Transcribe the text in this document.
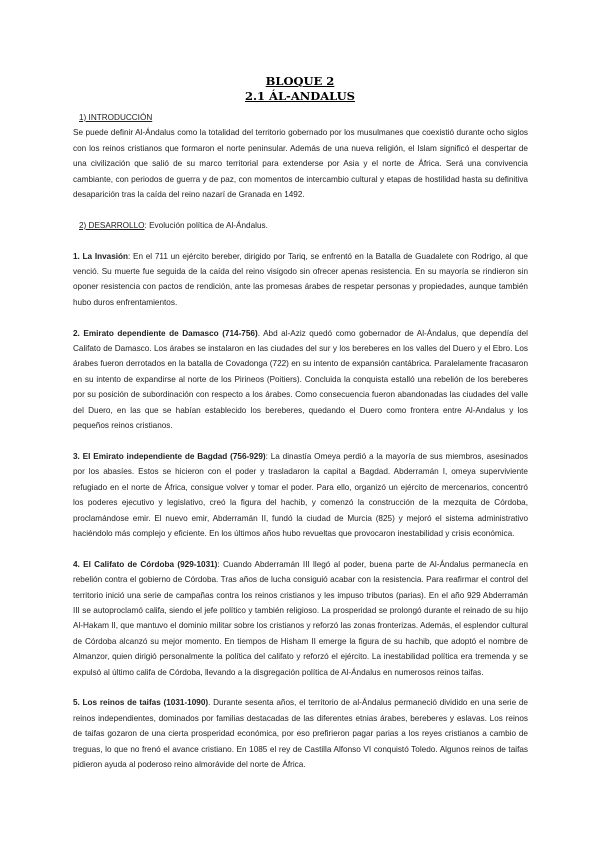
BLOQUE 2
2.1 ÁL-ANDALUS

1) INTRODUCCIÓN

Se puede definir Al-Ándalus como la totalidad del territorio gobernado por los musulmanes que coexistió durante ocho siglos con los reinos cristianos que formaron el norte peninsular. Además de una nueva religión, el Islam significó el despertar de una civilización que salió de su marco territorial para extenderse por Asia y el norte de África. Será una convivencia cambiante, con periodos de guerra y de paz, con momentos de intercambio cultural y etapas de hostilidad hasta su definitiva desaparición tras la caída del reino nazarí de Granada en 1492.

2) DESARROLLO: Evolución política de Al-Ándalus.

1. La Invasión: En el 711 un ejército bereber, dirigido por Tariq, se enfrentó en la Batalla de Guadalete con Rodrigo, al que venció. Su muerte fue seguida de la caída del reino visigodo sin ofrecer apenas resistencia. En su mayoría se rindieron sin oponer resistencia con pactos de rendición, ante las promesas árabes de respetar personas y propiedades, aunque también hubo duros enfrentamientos.

2. Emirato dependiente de Damasco (714-756). Abd al-Aziz quedó como gobernador de Al-Ándalus, que dependía del Califato de Damasco. Los árabes se instalaron en las ciudades del sur y los bereberes en los valles del Duero y el Ebro. Los árabes fueron derrotados en la batalla de Covadonga (722) en su intento de expansión cantábrica. Paralelamente fracasaron en su intento de expandirse al norte de los Pirineos (Poitiers). Concluida la conquista estalló una rebelión de los bereberes por su posición de subordinación con respecto a los árabes. Como consecuencia fueron abandonadas las ciudades del valle del Duero, en las que se habían establecido los bereberes, quedando el Duero como frontera entre Al-Andalus y los pequeños reinos cristianos.

3. El Emirato independiente de Bagdad (756-929): La dinastía Omeya perdió a la mayoría de sus miembros, asesinados por los abasíes. Estos se hicieron con el poder y trasladaron la capital a Bagdad. Abderramán I, omeya superviviente refugiado en el norte de África, consigue volver y tomar el poder. Para ello, organizó un ejército de mercenarios, concentró los poderes ejecutivo y legislativo, creó la figura del hachib, y comenzó la construcción de la mezquita de Córdoba, proclamándose emir. El nuevo emir, Abderramán II, fundó la ciudad de Murcia (825) y mejoró el sistema administrativo haciéndolo más complejo y eficiente. En los últimos años hubo revueltas que provocaron inestabilidad y crisis económica.

4. El Califato de Córdoba (929-1031): Cuando Abderramán III llegó al poder, buena parte de Al-Ándalus permanecía en rebelión contra el gobierno de Córdoba. Tras años de lucha consiguió acabar con la resistencia. Para reafirmar el control del territorio inició una serie de campañas contra los reinos cristianos y les impuso tributos (parias). En el año 929 Abderramán III se autoproclamó califa, siendo el jefe político y también religioso. La prosperidad se prolongó durante el reinado de su hijo Al-Hakam II, que mantuvo el dominio militar sobre los cristianos y reforzó las zonas fronterizas. Además, el esplendor cultural de Córdoba alcanzó su mejor momento. En tiempos de Hisham II emerge la figura de su hachib, que adoptó el nombre de Almanzor, quien dirigió personalmente la política del califato y reforzó el ejército. La inestabilidad política era tremenda y se expulsó al último califa de Córdoba, llevando a la disgregación política de Al-Ándalus en numerosos reinos taifas.

5. Los reinos de taifas (1031-1090). Durante sesenta años, el territorio de al-Ándalus permaneció dividido en una serie de reinos independientes, dominados por familias destacadas de las diferentes etnias árabes, bereberes y eslavas. Los reinos de taifas gozaron de una cierta prosperidad económica, por eso prefirieron pagar parias a los reyes cristianos a cambio de treguas, lo que no frenó el avance cristiano. En 1085 el rey de Castilla Alfonso VI conquistó Toledo. Algunos reinos de taifas pidieron ayuda al poderoso reino almorávide del norte de África.
